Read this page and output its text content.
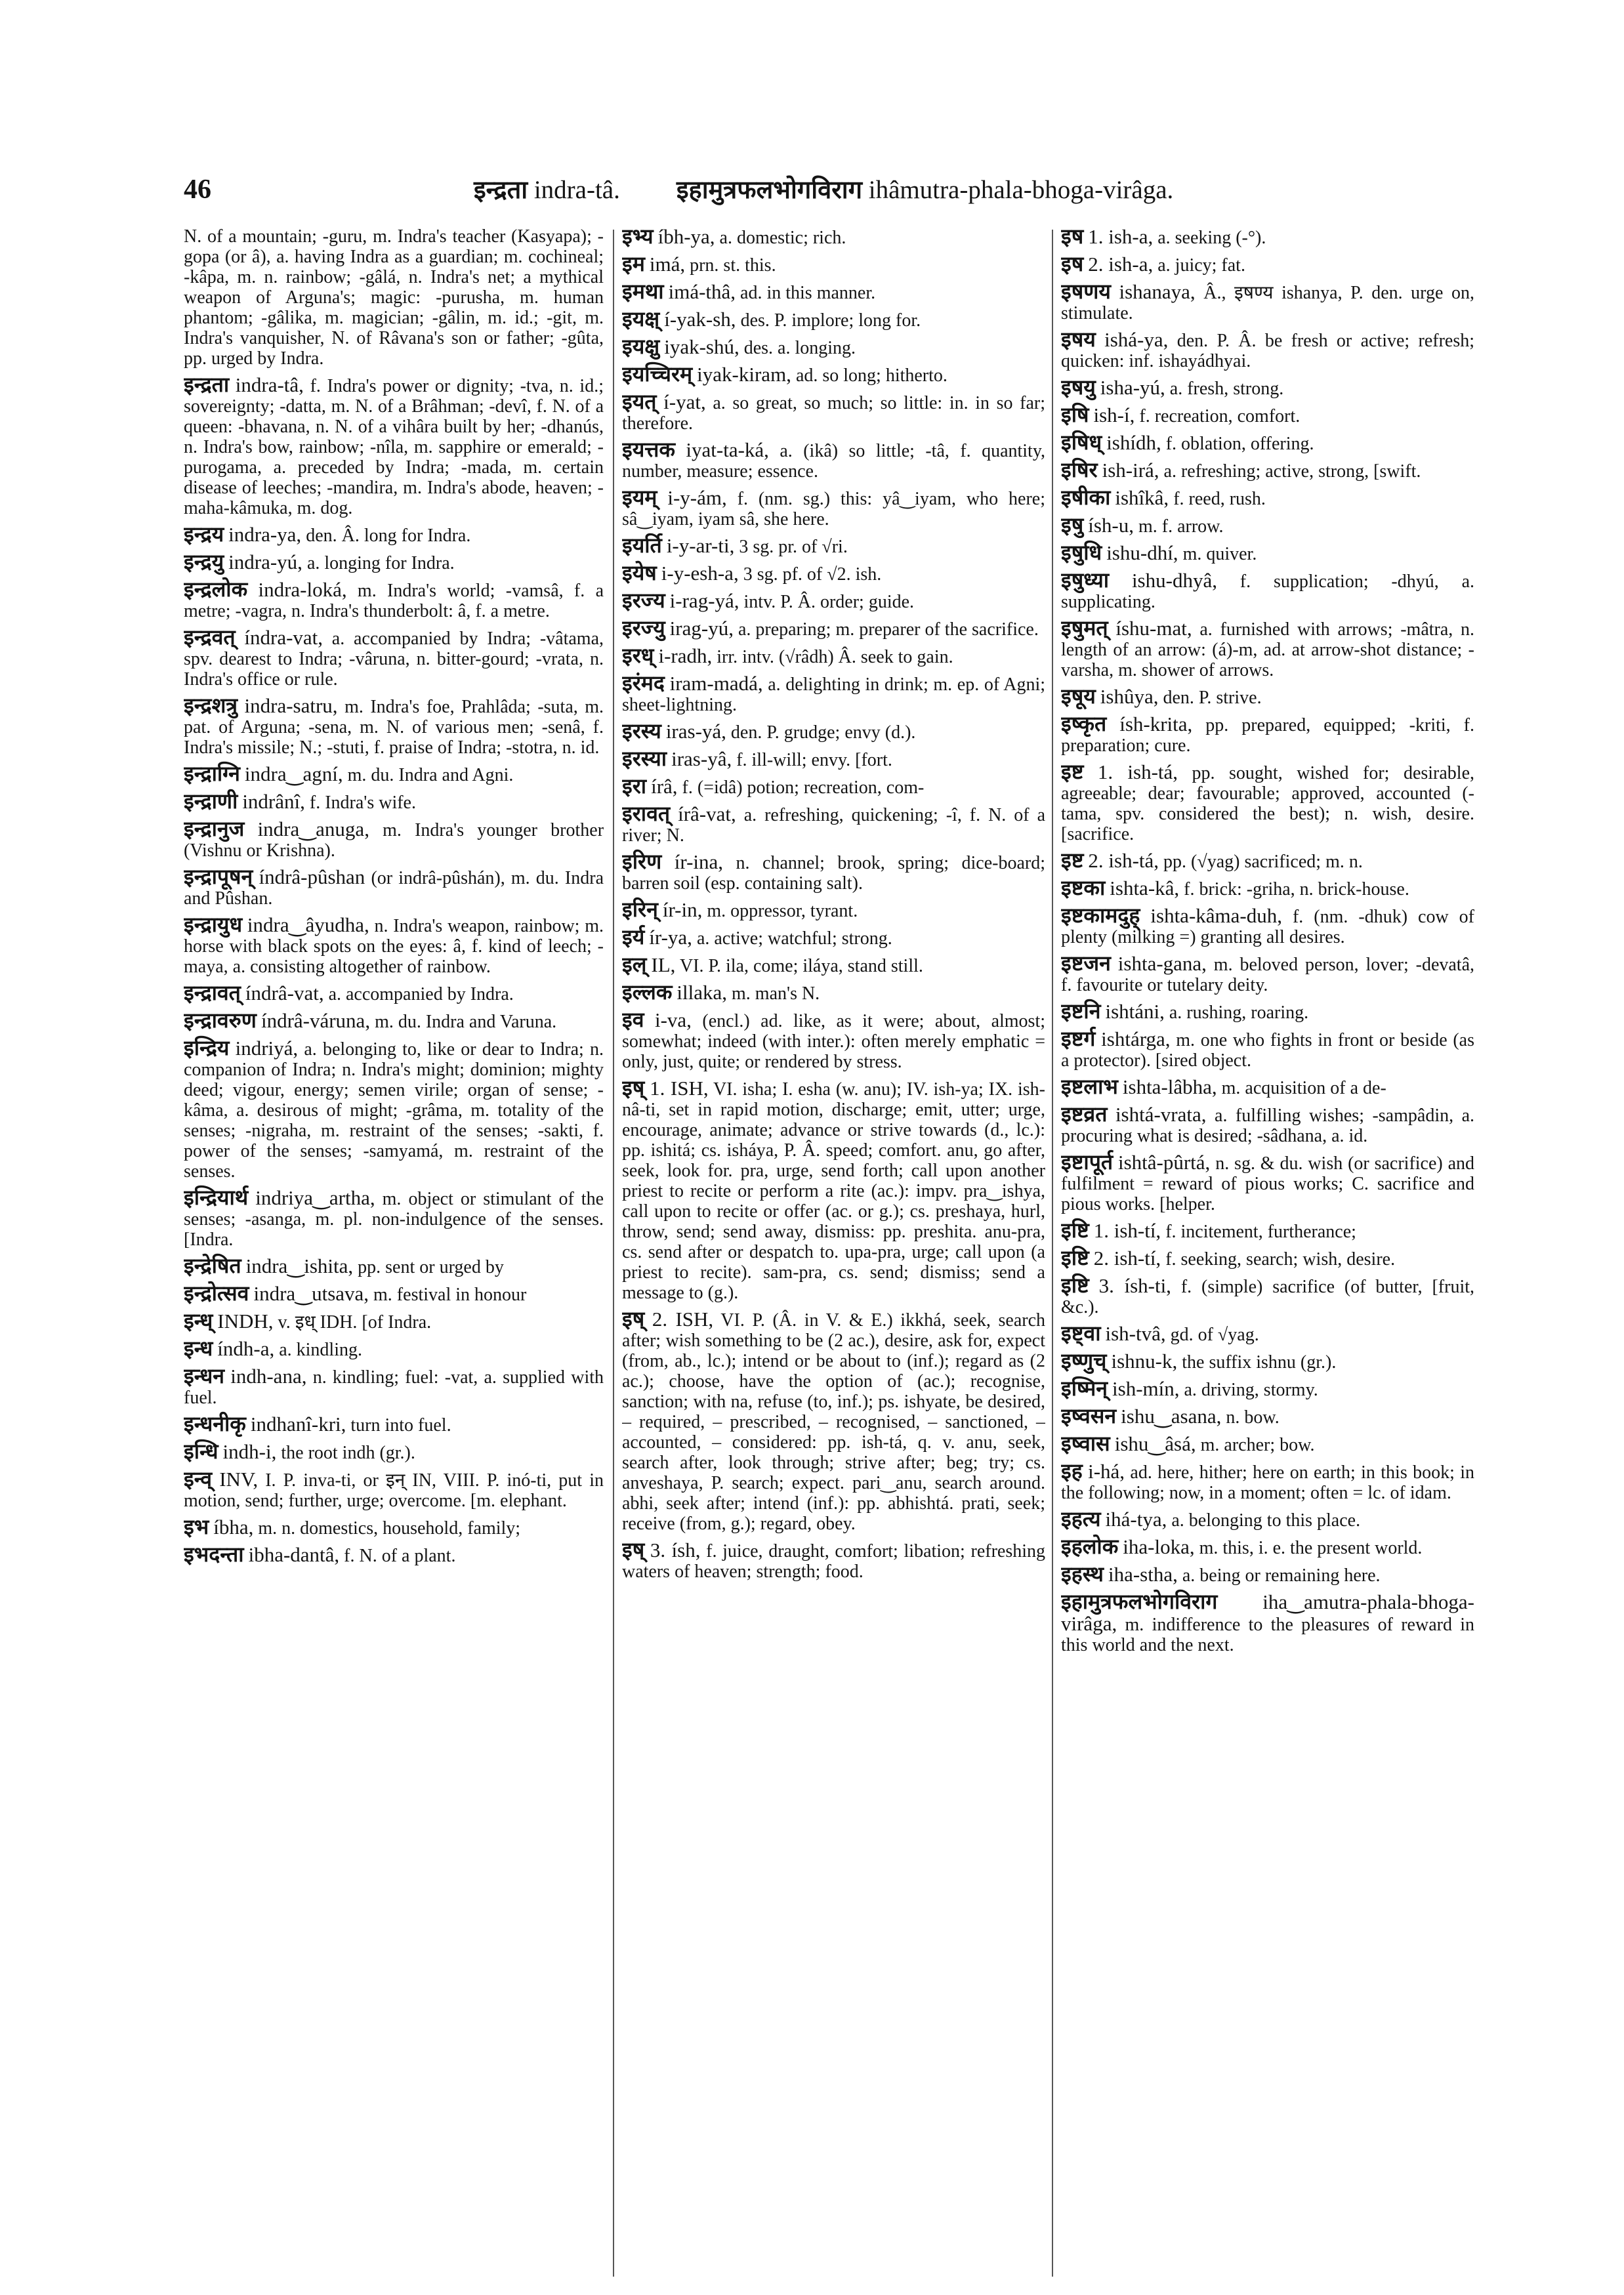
46	इन्द्रता indra-tâ. इहामुत्रफलभोगविराग ihâmutra-phala-bhoga-virâga.
N. of a mountain; -guru, m. Indra's teacher (Kasyapa); -gopa (or â), a. having Indra as a guardian; m. cochineal; -kâpa, m. n. rainbow; -gâlá, n. Indra's net; a mythical weapon of Arguna's; magic: -purusha, m. human phantom; -gâlika, m. magician; -gâlin, m. id.; -git, m. Indra's vanquisher, N. of Râvana's son or father; -gûta, pp. urged by Indra.
इन्द्रता indra-tâ, f. Indra's power or dignity; -tva, n. id.; sovereignty; -datta, m. N. of a Brâhman; -devî, f. N. of a queen: -bhavana, n. N. of a vihâra built by her; -dhanús, n. Indra's bow, rainbow; -nîla, m. sapphire or emerald; -purogama, a. preceded by Indra; -mada, m. certain disease of leeches; -mandira, m. Indra's abode, heaven; -maha-kâmuka, m. dog.
इन्द्रय indra-ya, den. Â. long for Indra.
इन्द्रयु indra-yú, a. longing for Indra.
इन्द्रलोक indra-loká, m. Indra's world; -vamsâ, f. a metre; -vagra, n. Indra's thunderbolt: â, f. a metre.
इन्द्रवत् índra-vat, a. accompanied by Indra; -vâtama, spv. dearest to Indra; -vâruna, n. bitter-gourd; -vrata, n. Indra's office or rule.
इन्द्रशत्रु indra-satru, m. Indra's foe, Prahlâda; -suta, m. pat. of Arguna; -sena, m. N. of various men; -senâ, f. Indra's missile; N.; -stuti, f. praise of Indra; -stotra, n. id.
इन्द्राग्नि indra‿agní, m. du. Indra and Agni.
इन्द्राणी indrânî, f. Indra's wife.
इन्द्रानुज indra‿anuga, m. Indra's younger brother (Vishnu or Krishna).
इन्द्रापूषन् índrâ-pûshan (or indrâ-pûshán), m. du. Indra and Pûshan.
इन्द्रायुध indra‿âyudha, n. Indra's weapon, rainbow; m. horse with black spots on the eyes: â, f. kind of leech; -maya, a. consisting altogether of rainbow.
इन्द्रावत् índrâ-vat, a. accompanied by Indra.
इन्द्रावरुण índrâ-váruna, m. du. Indra and Varuna.
इन्द्रिय indriyá, a. belonging to, like or dear to Indra; n. companion of Indra; n. Indra's might; dominion; mighty deed; vigour, energy; semen virile; organ of sense; -kâma, a. desirous of might; -grâma, m. totality of the senses; -nigraha, m. restraint of the senses; -sakti, f. power of the senses; -samyamá, m. restraint of the senses.
इन्द्रियार्थ indriya‿artha, m. object or stimulant of the senses; -asanga, m. pl. non-indulgence of the senses. [Indra.
इन्द्रेषित indra‿ishita, pp. sent or urged by
इन्द्रोत्सव indra‿utsava, m. festival in honour
इन्ध् INDH, v. इध् IDH. [of Indra.
इन्ध índh-a, a. kindling.
इन्धन indh-ana, n. kindling; fuel: -vat, a. supplied with fuel.
इन्धनीकृ indhanî-kri, turn into fuel.
इन्धि indh-i, the root indh (gr.).
इन्व् INV, I. P. inva-ti, or इन् IN, VIII. P. inó-ti, put in motion, send; further, urge; overcome. [m. elephant.
इभ íbha, m. n. domestics, household, family;
इभदन्ता ibha-dantâ, f. N. of a plant.
इभ्य íbh-ya, a. domestic; rich.
इम imá, prn. st. this.
इमथा imá-thâ, ad. in this manner.
इयक्ष् í-yak-sh, des. P. implore; long for.
इयक्षु iyak-shú, des. a. longing.
इयच्चिरम् iyak-kiram, ad. so long; hitherto.
इयत् í-yat, a. so great, so much; so little: in. in so far; therefore.
इयत्तक iyat-ta-ká, a. (ikâ) so little; -tâ, f. quantity, number, measure; essence.
इयम् i-y-ám, f. (nm. sg.) this: yâ‿iyam, who here; sâ‿iyam, iyam sâ, she here.
इयर्ति i-y-ar-ti, 3 sg. pr. of √ri.
इयेष i-y-esh-a, 3 sg. pf. of √2. ish.
इरज्य i-rag-yá, intv. P. Â. order; guide.
इरज्यु irag-yú, a. preparing; m. preparer of the sacrifice.
इरध् i-radh, irr. intv. (√râdh) Â. seek to gain.
इरंमद iram-madá, a. delighting in drink; m. ep. of Agni; sheet-lightning.
इरस्य iras-yá, den. P. grudge; envy (d.).
इरस्या iras-yâ, f. ill-will; envy. [fort.
इरा írâ, f. (=idâ) potion; recreation, com-
इरावत् írâ-vat, a. refreshing, quickening; -î, f. N. of a river; N.
इरिण ír-ina, n. channel; brook, spring; dice-board; barren soil (esp. containing salt).
इरिन् ír-in, m. oppressor, tyrant.
इर्य ír-ya, a. active; watchful; strong.
इल् IL, VI. P. ila, come; iláya, stand still.
इल्लक illaka, m. man's N.
इव i-va, (encl.) ad. like, as it were; about, almost; somewhat; indeed (with inter.): often merely emphatic = only, just, quite; or rendered by stress.
इष् 1. ISH, VI. isha; I. esha (w. anu); IV. ish-ya; IX. ish-nâ-ti, set in rapid motion, discharge; emit, utter; urge, encourage, animate; advance or strive towards (d., lc.): pp. ishitá; cs. isháya, P. Â. speed; comfort. anu, go after, seek, look for. pra, urge, send forth; call upon another priest to recite or perform a rite (ac.): impv. pra‿ishya, call upon to recite or offer (ac. or g.); cs. preshaya, hurl, throw, send; send away, dismiss: pp. preshita. anu-pra, cs. send after or despatch to. upa-pra, urge; call upon (a priest to recite). sam-pra, cs. send; dismiss; send a message to (g.).
इष् 2. ISH, VI. P. (Â. in V. & E.) ikkhá, seek, search after; wish something to be (2 ac.), desire, ask for, expect (from, ab., lc.); intend or be about to (inf.); regard as (2 ac.); choose, have the option of (ac.); recognise, sanction; with na, refuse (to, inf.); ps. ishyate, be desired, – required, – prescribed, – recognised, – sanctioned, – accounted, – considered: pp. ish-tá, q. v. anu, seek, search after, look through; strive after; beg; try; cs. anveshaya, P. search; expect. pari‿anu, search around. abhi, seek after; intend (inf.): pp. abhishtá. prati, seek; receive (from, g.); regard, obey.
इष् 3. ísh, f. juice, draught, comfort; libation; refreshing waters of heaven; strength; food.
इष 1. ish-a, a. seeking (-°).
इष 2. ish-a, a. juicy; fat.
इषणय ishanaya, Â., इषण्य ishanya, P. den. urge on, stimulate.
इषय ishá-ya, den. P. Â. be fresh or active; refresh; quicken: inf. ishayádhyai.
इषयु isha-yú, a. fresh, strong.
इषि ish-í, f. recreation, comfort.
इषिध् ishídh, f. oblation, offering.
इषिर ish-irá, a. refreshing; active, strong, [swift.
इषीका ishîkâ, f. reed, rush.
इषु ísh-u, m. f. arrow.
इषुधि ishu-dhí, m. quiver.
इषुध्या ishu-dhyâ, f. supplication; -dhyú, a. supplicating.
इषुमत् íshu-mat, a. furnished with arrows; -mâtra, n. length of an arrow: (á)-m, ad. at arrow-shot distance; -varsha, m. shower of arrows.
इषूय ishûya, den. P. strive.
इष्कृत ísh-krita, pp. prepared, equipped; -kriti, f. preparation; cure.
इष्ट 1. ish-tá, pp. sought, wished for; desirable, agreeable; dear; favourable; approved, accounted (-tama, spv. considered the best); n. wish, desire. [sacrifice.
इष्ट 2. ish-tá, pp. (√yag) sacrificed; m. n.
इष्टका ishta-kâ, f. brick: -griha, n. brick-house.
इष्टकामदुह् ishta-kâma-duh, f. (nm. -dhuk) cow of plenty (milking =) granting all desires.
इष्टजन ishta-gana, m. beloved person, lover; -devatâ, f. favourite or tutelary deity.
इष्टनि ishtáni, a. rushing, roaring.
इष्टर्ग ishtárga, m. one who fights in front or beside (as a protector). [sired object.
इष्टलाभ ishta-lâbha, m. acquisition of a de-
इष्टव्रत ishtá-vrata, a. fulfilling wishes; -sampâdin, a. procuring what is desired; -sâdhana, a. id.
इष्टापूर्त ishtâ-pûrtá, n. sg. & du. wish (or sacrifice) and fulfilment = reward of pious works; C. sacrifice and pious works. [helper.
इष्टि 1. ish-tí, f. incitement, furtherance;
इष्टि 2. ish-tí, f. seeking, search; wish, desire.
इष्टि 3. ísh-ti, f. (simple) sacrifice (of butter, [fruit, &c.).
इष्ट्वा ish-tvâ, gd. of √yag.
इष्णुच् ishnu-k, the suffix ishnu (gr.).
इष्मिन् ish-mín, a. driving, stormy.
इष्वसन ishu‿asana, n. bow.
इष्वास ishu‿âsá, m. archer; bow.
इह i-há, ad. here, hither; here on earth; in this book; in the following; now, in a moment; often = lc. of idam.
इहत्य ihá-tya, a. belonging to this place.
इहलोक iha-loka, m. this, i. e. the present world.
इहस्थ iha-stha, a. being or remaining here.
इहामुत्रफलभोगविराग iha‿amutra-phala-bhoga-virâga, m. indifference to the pleasures of reward in this world and the next.
